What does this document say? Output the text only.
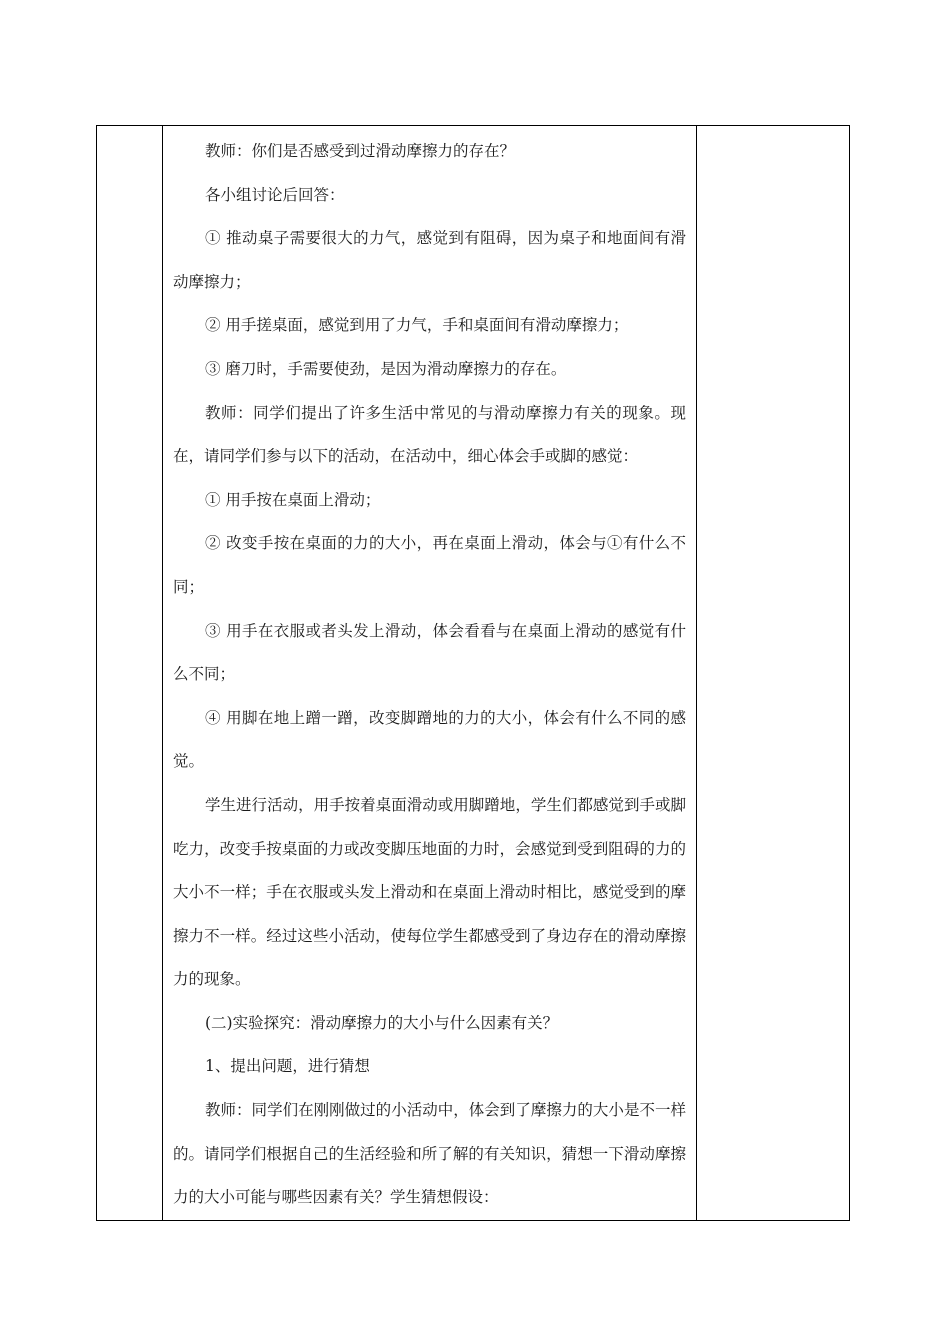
教师：你们是否感受到过滑动摩擦力的存在？

各小组讨论后回答：

① 推动桌子需要很大的力气，感觉到有阻碍，因为桌子和地面间有滑动摩擦力；

② 用手搓桌面，感觉到用了力气，手和桌面间有滑动摩擦力；

③ 磨刀时，手需要使劲，是因为滑动摩擦力的存在。

教师：同学们提出了许多生活中常见的与滑动摩擦力有关的现象。现在，请同学们参与以下的活动，在活动中，细心体会手或脚的感觉：

① 用手按在桌面上滑动；

② 改变手按在桌面的力的大小，再在桌面上滑动，体会与①有什么不同；

③ 用手在衣服或者头发上滑动，体会看看与在桌面上滑动的感觉有什么不同；

④ 用脚在地上蹭一蹭，改变脚蹭地的力的大小，体会有什么不同的感觉。

学生进行活动，用手按着桌面滑动或用脚蹭地，学生们都感觉到手或脚吃力，改变手按桌面的力或改变脚压地面的力时，会感觉到受到阻碍的力的大小不一样；手在衣服或头发上滑动和在桌面上滑动时相比，感觉受到的摩擦力不一样。经过这些小活动，使每位学生都感受到了身边存在的滑动摩擦力的现象。

(二)实验探究：滑动摩擦力的大小与什么因素有关？

1、提出问题，进行猜想

教师：同学们在刚刚做过的小活动中，体会到了摩擦力的大小是不一样的。请同学们根据自己的生活经验和所了解的有关知识，猜想一下滑动摩擦力的大小可能与哪些因素有关？学生猜想假设：
